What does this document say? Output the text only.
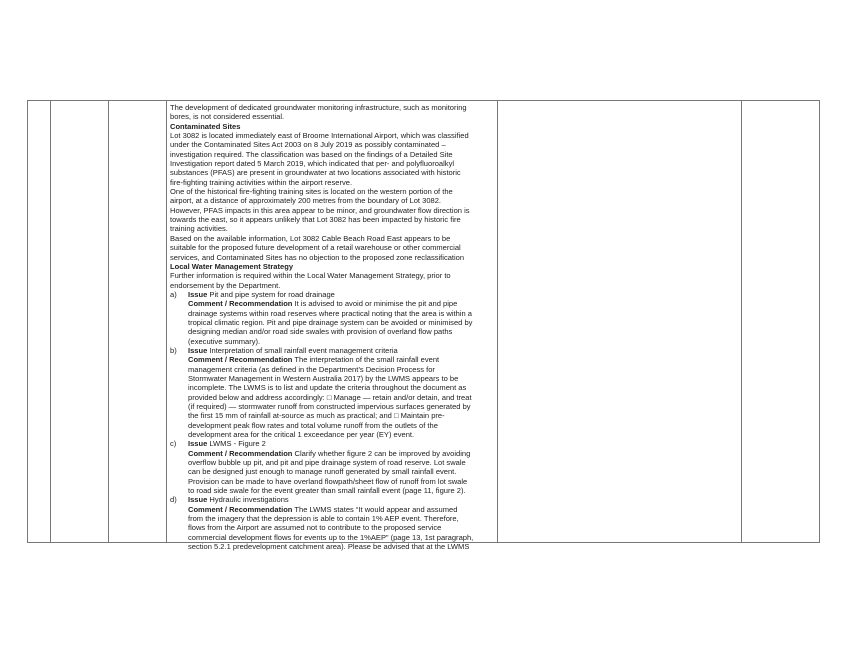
The development of dedicated groundwater monitoring infrastructure, such as monitoring
bores, is not considered essential.
Contaminated Sites
Lot 3082 is located immediately east of Broome International Airport, which was classified
under the Contaminated Sites Act 2003 on 8 July 2019 as possibly contaminated –
investigation required. The classification was based on the findings of a Detailed Site
Investigation report dated 5 March 2019, which indicated that per- and polyfluoroalkyl
substances (PFAS) are present in groundwater at two locations associated with historic
fire-fighting training activities within the airport reserve.
One of the historical fire-fighting training sites is located on the western portion of the
airport, at a distance of approximately 200 metres from the boundary of Lot 3082.
However, PFAS impacts in this area appear to be minor, and groundwater flow direction is
towards the east, so it appears unlikely that Lot 3082 has been impacted by historic fire
training activities.
Based on the available information, Lot 3082 Cable Beach Road East appears to be
suitable for the proposed future development of a retail warehouse or other commercial
services, and Contaminated Sites has no objection to the proposed zone reclassification
Local Water Management Strategy
Further information is required within the Local Water Management Strategy, prior to
endorsement by the Department.
a) Issue Pit and pipe system for road drainage
Comment / Recommendation It is advised to avoid or minimise the pit and pipe
drainage systems within road reserves where practical noting that the area is within a
tropical climatic region. Pit and pipe drainage system can be avoided or minimised by
designing median and/or road side swales with provision of overland flow paths
(executive summary).
b) Issue Interpretation of small rainfall event management criteria
Comment / Recommendation The interpretation of the small rainfall event
management criteria (as defined in the Department’s Decision Process for
Stormwater Management in Western Australia 2017) by the LWMS appears to be
incomplete. The LWMS is to list and update the criteria throughout the document as
provided below and address accordingly: □ Manage — retain and/or detain, and treat
(if required) — stormwater runoff from constructed impervious surfaces generated by
the first 15 mm of rainfall at-source as much as practical; and □ Maintain pre-
development peak flow rates and total volume runoff from the outlets of the
development area for the critical 1 exceedance per year (EY) event.
c) Issue LWMS - Figure 2
Comment / Recommendation Clarify whether figure 2 can be improved by avoiding
overflow bubble up pit, and pit and pipe drainage system of road reserve. Lot swale
can be designed just enough to manage runoff generated by small rainfall event.
Provision can be made to have overland flowpath/sheet flow of runoff from lot swale
to road side swale for the event greater than small rainfall event (page 11, figure 2).
d) Issue Hydraulic investigations
Comment / Recommendation The LWMS states “It would appear and assumed
from the imagery that the depression is able to contain 1% AEP event. Therefore,
flows from the Airport are assumed not to contribute to the proposed service
commercial development flows for events up to the 1%AEP” (page 13, 1st paragraph,
section 5.2.1 predevelopment catchment area). Please be advised that at the LWMS
